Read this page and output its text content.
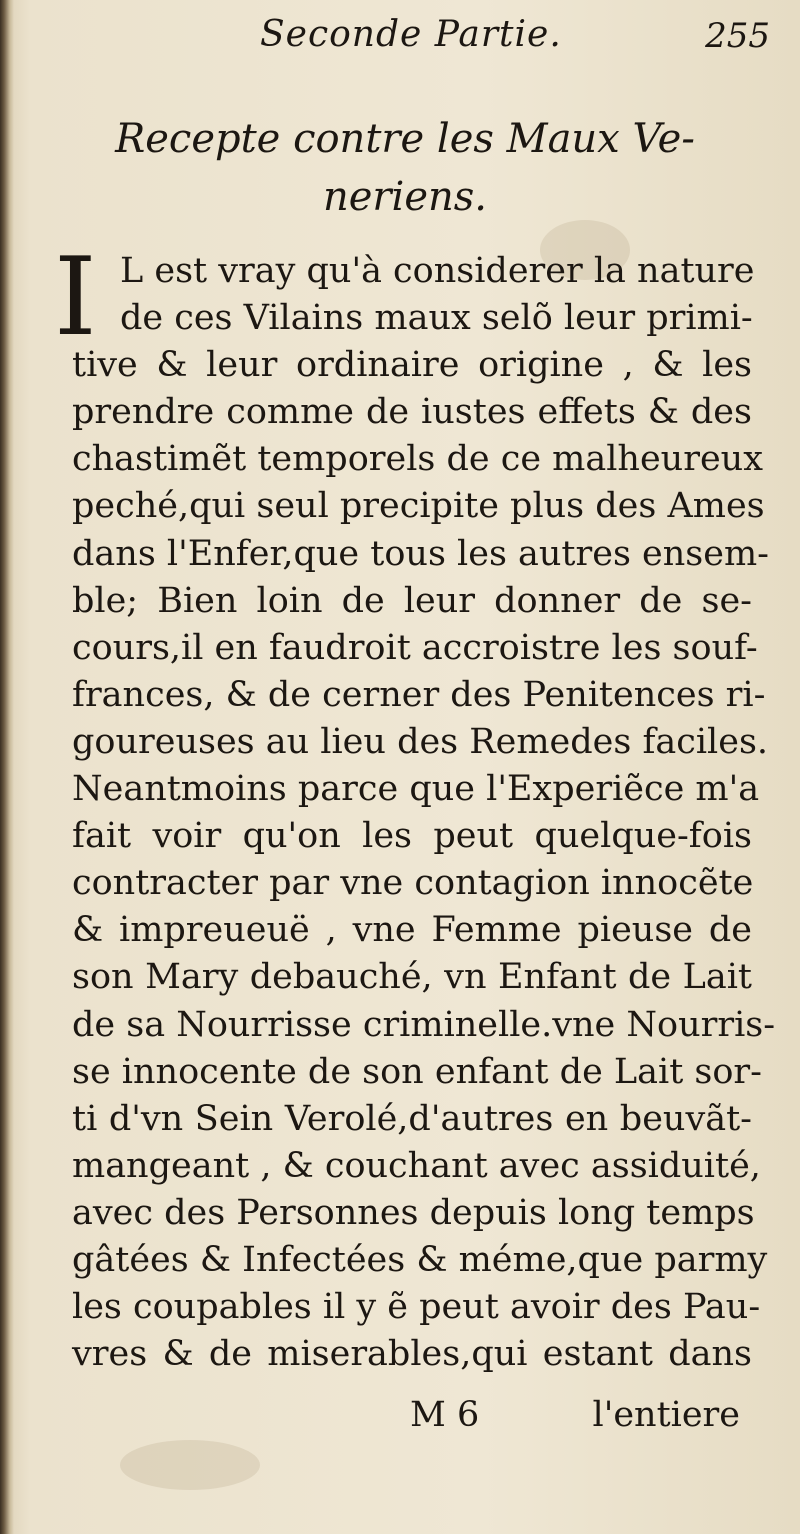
Seconde Partie.	255
Recepte contre les Maux Ve-
neriens.
I L est vray qu'à considerer la nature
de ces Vilains maux selõ leur primi-
tive & leur ordinaire origine , & les
prendre comme de iustes effets & des
chastimẽt temporels de ce malheureux
peché,qui seul precipite plus des Ames
dans l'Enfer,que tous les autres ensem-
ble; Bien loin de leur donner de se-
cours,il en faudroit accroistre les souf-
frances, & de cerner des Penitences ri-
goureuses au lieu des Remedes faciles.
Neantmoins parce que l'Experiẽce m'a
fait voir qu'on les peut quelque-fois
contracter par vne contagion innocẽte
& impreueuë , vne Femme pieuse de
son Mary debauché, vn Enfant de Lait
de sa Nourrisse criminelle.vne Nourris-
se innocente de son enfant de Lait sor-
ti d'vn Sein Verolé,d'autres en beuvãt-
mangeant , & couchant avec assiduité,
avec des Personnes depuis long temps
gâtées & Infectées & méme,que parmy
les coupables il y ẽ peut avoir des Pau-
vres & de miserables,qui estant dans
M 6	l'entiere
